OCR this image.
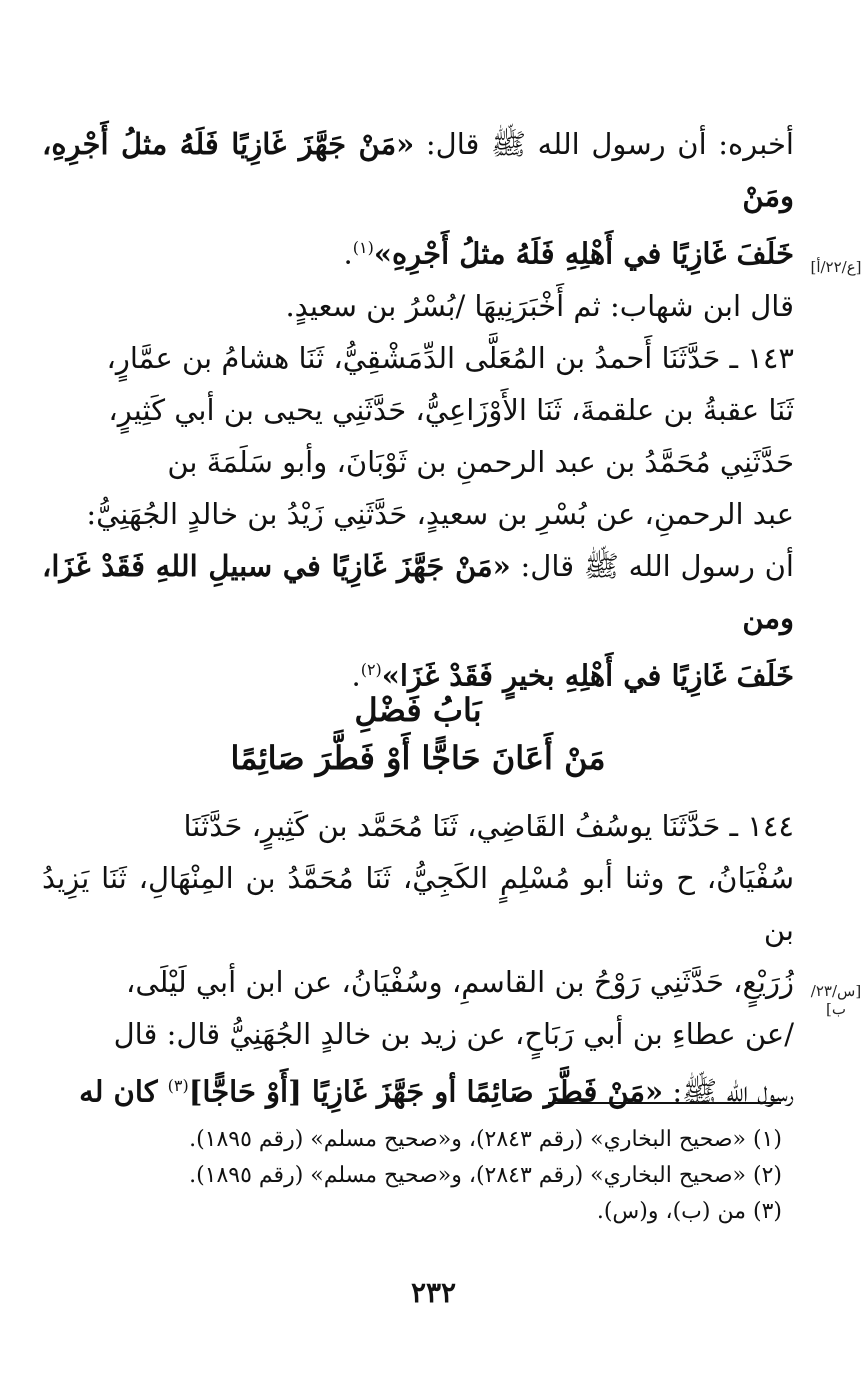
أخبره: أن رسول الله ﷺ قال: «مَنْ جَهَّزَ غَازِيًا فَلَهُ مثلُ أَجْرِهِ، ومَنْ
خَلَفَ غَازِيًا في أَهْلِهِ فَلَهُ مثلُ أَجْرِهِ»$^{(١)}$.
قال ابن شهاب: ثم أَخْبَرَنِيهَا /بُسْرُ بن سعيدٍ.
١٤٣ ـ حَدَّثَنَا أَحمدُ بن المُعَلَّى الدِّمَشْقِيُّ، ثَنَا هشامُ بن عمَّارٍ،
ثَنَا عقبةُ بن علقمةَ، ثَنَا الأَوْزَاعِيُّ، حَدَّثَنِي يحيى بن أبي كَثِيرٍ،
حَدَّثَنِي مُحَمَّدُ بن عبد الرحمنِ بن ثَوْبَانَ، وأبو سَلَمَةَ بن
عبد الرحمنِ، عن بُسْرِ بن سعيدٍ، حَدَّثَنِي زَيْدُ بن خالدٍ الجُهَنِيُّ:
أن رسول الله ﷺ قال: «مَنْ جَهَّزَ غَازِيًا في سبيلِ اللهِ فَقَدْ غَزَا، ومن
خَلَفَ غَازِيًا في أَهْلِهِ بخيرٍ فَقَدْ غَزَا»$^{(٢)}$.
[ع/٢٢/أ]
بَابُ فَضْلِ
مَنْ أَعَانَ حَاجًّا أَوْ فَطَّرَ صَائِمًا
١٤٤ ـ حَدَّثَنَا يوسُفُ القَاضِي، ثَنَا مُحَمَّد بن كَثِيرٍ، حَدَّثَنَا
سُفْيَانُ، ح وثنا أبو مُسْلِمٍ الكَجِيُّ، ثَنَا مُحَمَّدُ بن المِنْهَالِ، ثَنَا يَزِيدُ بن
زُرَيْعٍ، حَدَّثَنِي رَوْحُ بن القاسمِ، وسُفْيَانُ، عن ابن أبي لَيْلَى،
/عن عطاءِ بن أبي رَبَاحٍ، عن زيد بن خالدٍ الجُهَنِيُّ قال: قال
رسول الله ﷺ: «مَنْ فَطَّرَ صَائِمًا أو جَهَّزَ غَازِيًا [أَوْ حَاجًّا]$^{(٣)}$ كان له
[س/٢٣/ب]
(١) «صحيح البخاري» (رقم ٢٨٤٣)، و«صحيح مسلم» (رقم ١٨٩٥).
(٢) «صحيح البخاري» (رقم ٢٨٤٣)، و«صحيح مسلم» (رقم ١٨٩٥).
(٣) من (ب)، و(س).
٢٣٢
